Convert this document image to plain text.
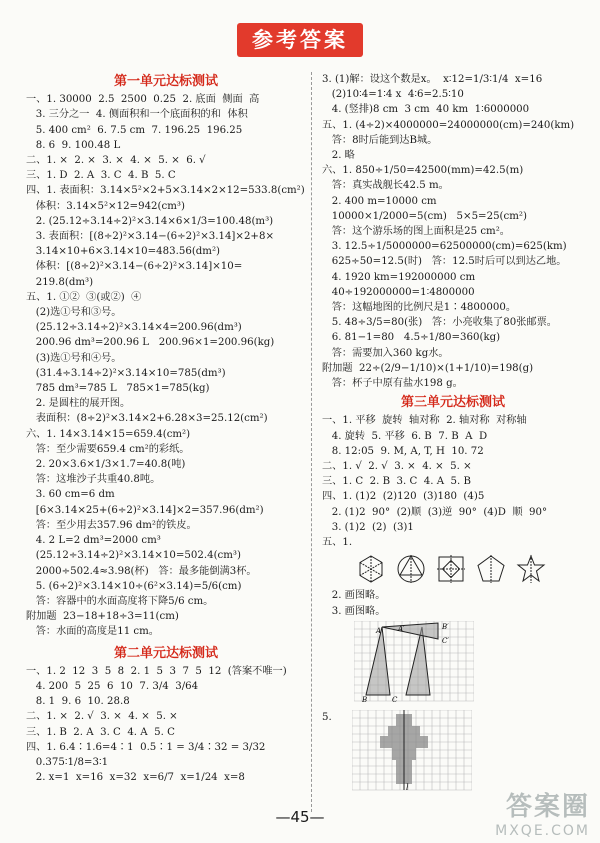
参考答案
第一单元达标测试
一、1. 30000  2.5  2500  0.25  2. 底面  侧面  高
3. 三分之一  4. 侧面积和一个底面积的和  体积
5. 400 cm²  6. 7.5 cm  7. 196.25  196.25
8. 6  9. 100.48 L
二、1. ×  2. ×  3. ×  4. ×  5. ×  6. √
三、1. D  2. A  3. C  4. B  5. C
四、1. 表面积：3.14×5²×2+5×3.14×2×12=533.8(cm²)
体积：3.14×5²×12=942(cm³)
2. (25.12÷3.14÷2)²×3.14×6×1/3=100.48(m³)
3. 表面积：[(8÷2)²×3.14−(6÷2)²×3.14]×2+8×
3.14×10+6×3.14×10=483.56(dm²)
体积：[(8÷2)²×3.14−(6÷2)²×3.14]×10=
219.8(dm³)
五、1. ①②  ③(或②)  ④
(2)选①号和③号。
(25.12÷3.14÷2)²×3.14×4=200.96(dm³)
200.96 dm³=200.96 L   200.96×1=200.96(kg)
(3)选①号和④号。
(31.4÷3.14÷2)²×3.14×10=785(dm³)
785 dm³=785 L   785×1=785(kg)
2. 是圆柱的展开图。
表面积：(8÷2)²×3.14×2+6.28×3=25.12(cm²)
六、1. 14×3.14×15=659.4(cm²)
答：至少需要659.4 cm²的彩纸。
2. 20×3.6×1/3×1.7=40.8(吨)
答：这堆沙子共重40.8吨。
3. 60 cm=6 dm
[6×3.14×25+(6÷2)²×3.14]×2=357.96(dm²)
答：至少用去357.96 dm²的铁皮。
4. 2 L=2 dm³=2000 cm³
(25.12÷3.14÷2)²×3.14×10=502.4(cm³)
2000÷502.4≈3.98(杯)   答：最多能倒满3杯。
5. (6÷2)²×3.14×10÷(6²×3.14)=5/6(cm)
答：容器中的水面高度将下降5/6 cm。
附加题  23−18+18÷3=11(cm)
答：水面的高度是11 cm。
第二单元达标测试
一、1. 2  12  3  5  8  2. 1  5  3  7  5  12  (答案不唯一)
4. 200  5  25  6  10  7. 3/4  3/64
8. 1  9. 6  10. 28.8
二、1. ×  2. √  3. ×  4. ×  5. ×
三、1. B  2. A  3. C  4. A  5. C
四、1. 6.4∶1.6=4∶1  0.5∶1 = 3/4∶32 = 3/32
0.375∶1/8=3∶1
2. x=1  x=16  x=32  x=6/7  x=1/24  x=8
3. (1)解：设这个数是x。  x∶12=1/3∶1/4  x=16
(2)10∶4=1∶4 x  4∶6=2.5∶10
4. (竖排)8 cm  3 cm  40 km  1∶6000000
五、1. (4÷2)×4000000=24000000(cm)=240(km)
答：8时后能到达B城。
2. 略
六、1. 850÷1/50=42500(mm)=42.5(m)
答：真实战舰长42.5 m。
2. 400 m=10000 cm
10000×1/2000=5(cm)   5×5=25(cm²)
答：这个游乐场的图上面积是25 cm²。
3. 12.5÷1/5000000=62500000(cm)=625(km)
625÷50=12.5(时)   答：12.5时后可以到达乙地。
4. 1920 km=192000000 cm
40÷192000000=1∶4800000
答：这幅地图的比例尺是1∶4800000。
5. 48÷3/5=80(张)   答：小亮收集了80张邮票。
6. 81−1=80   4.5÷1/80=360(kg)
答：需要加入360 kg水。
附加题  22÷(2/9−1/10)×(1+1/10)=198(g)
答：杯子中原有盐水198 g。
第三单元达标测试
一、1. 平移  旋转  轴对称  2. 轴对称  对称轴
4. 旋转  5. 平移  6. B  7. B  A  D
8. 12:05  9. M, A, T, H  10. 72
二、1. √  2. √  3. ×  4. ×  5. ×
三、1. C  2. B  3. C  4. A  5. B
四、1. (1)2  (2)120  (3)180  (4)5
2. (1)2  90°  (2)顺  (3)逆  90°  (4)D  顺  90°
3. (1)2  (2)  (3)1
五、1.
2. 画图略。
3. 画图略。
A
B	C
A′	B′
C′
5.
l
—45—	答案圈
MXQE.COM
